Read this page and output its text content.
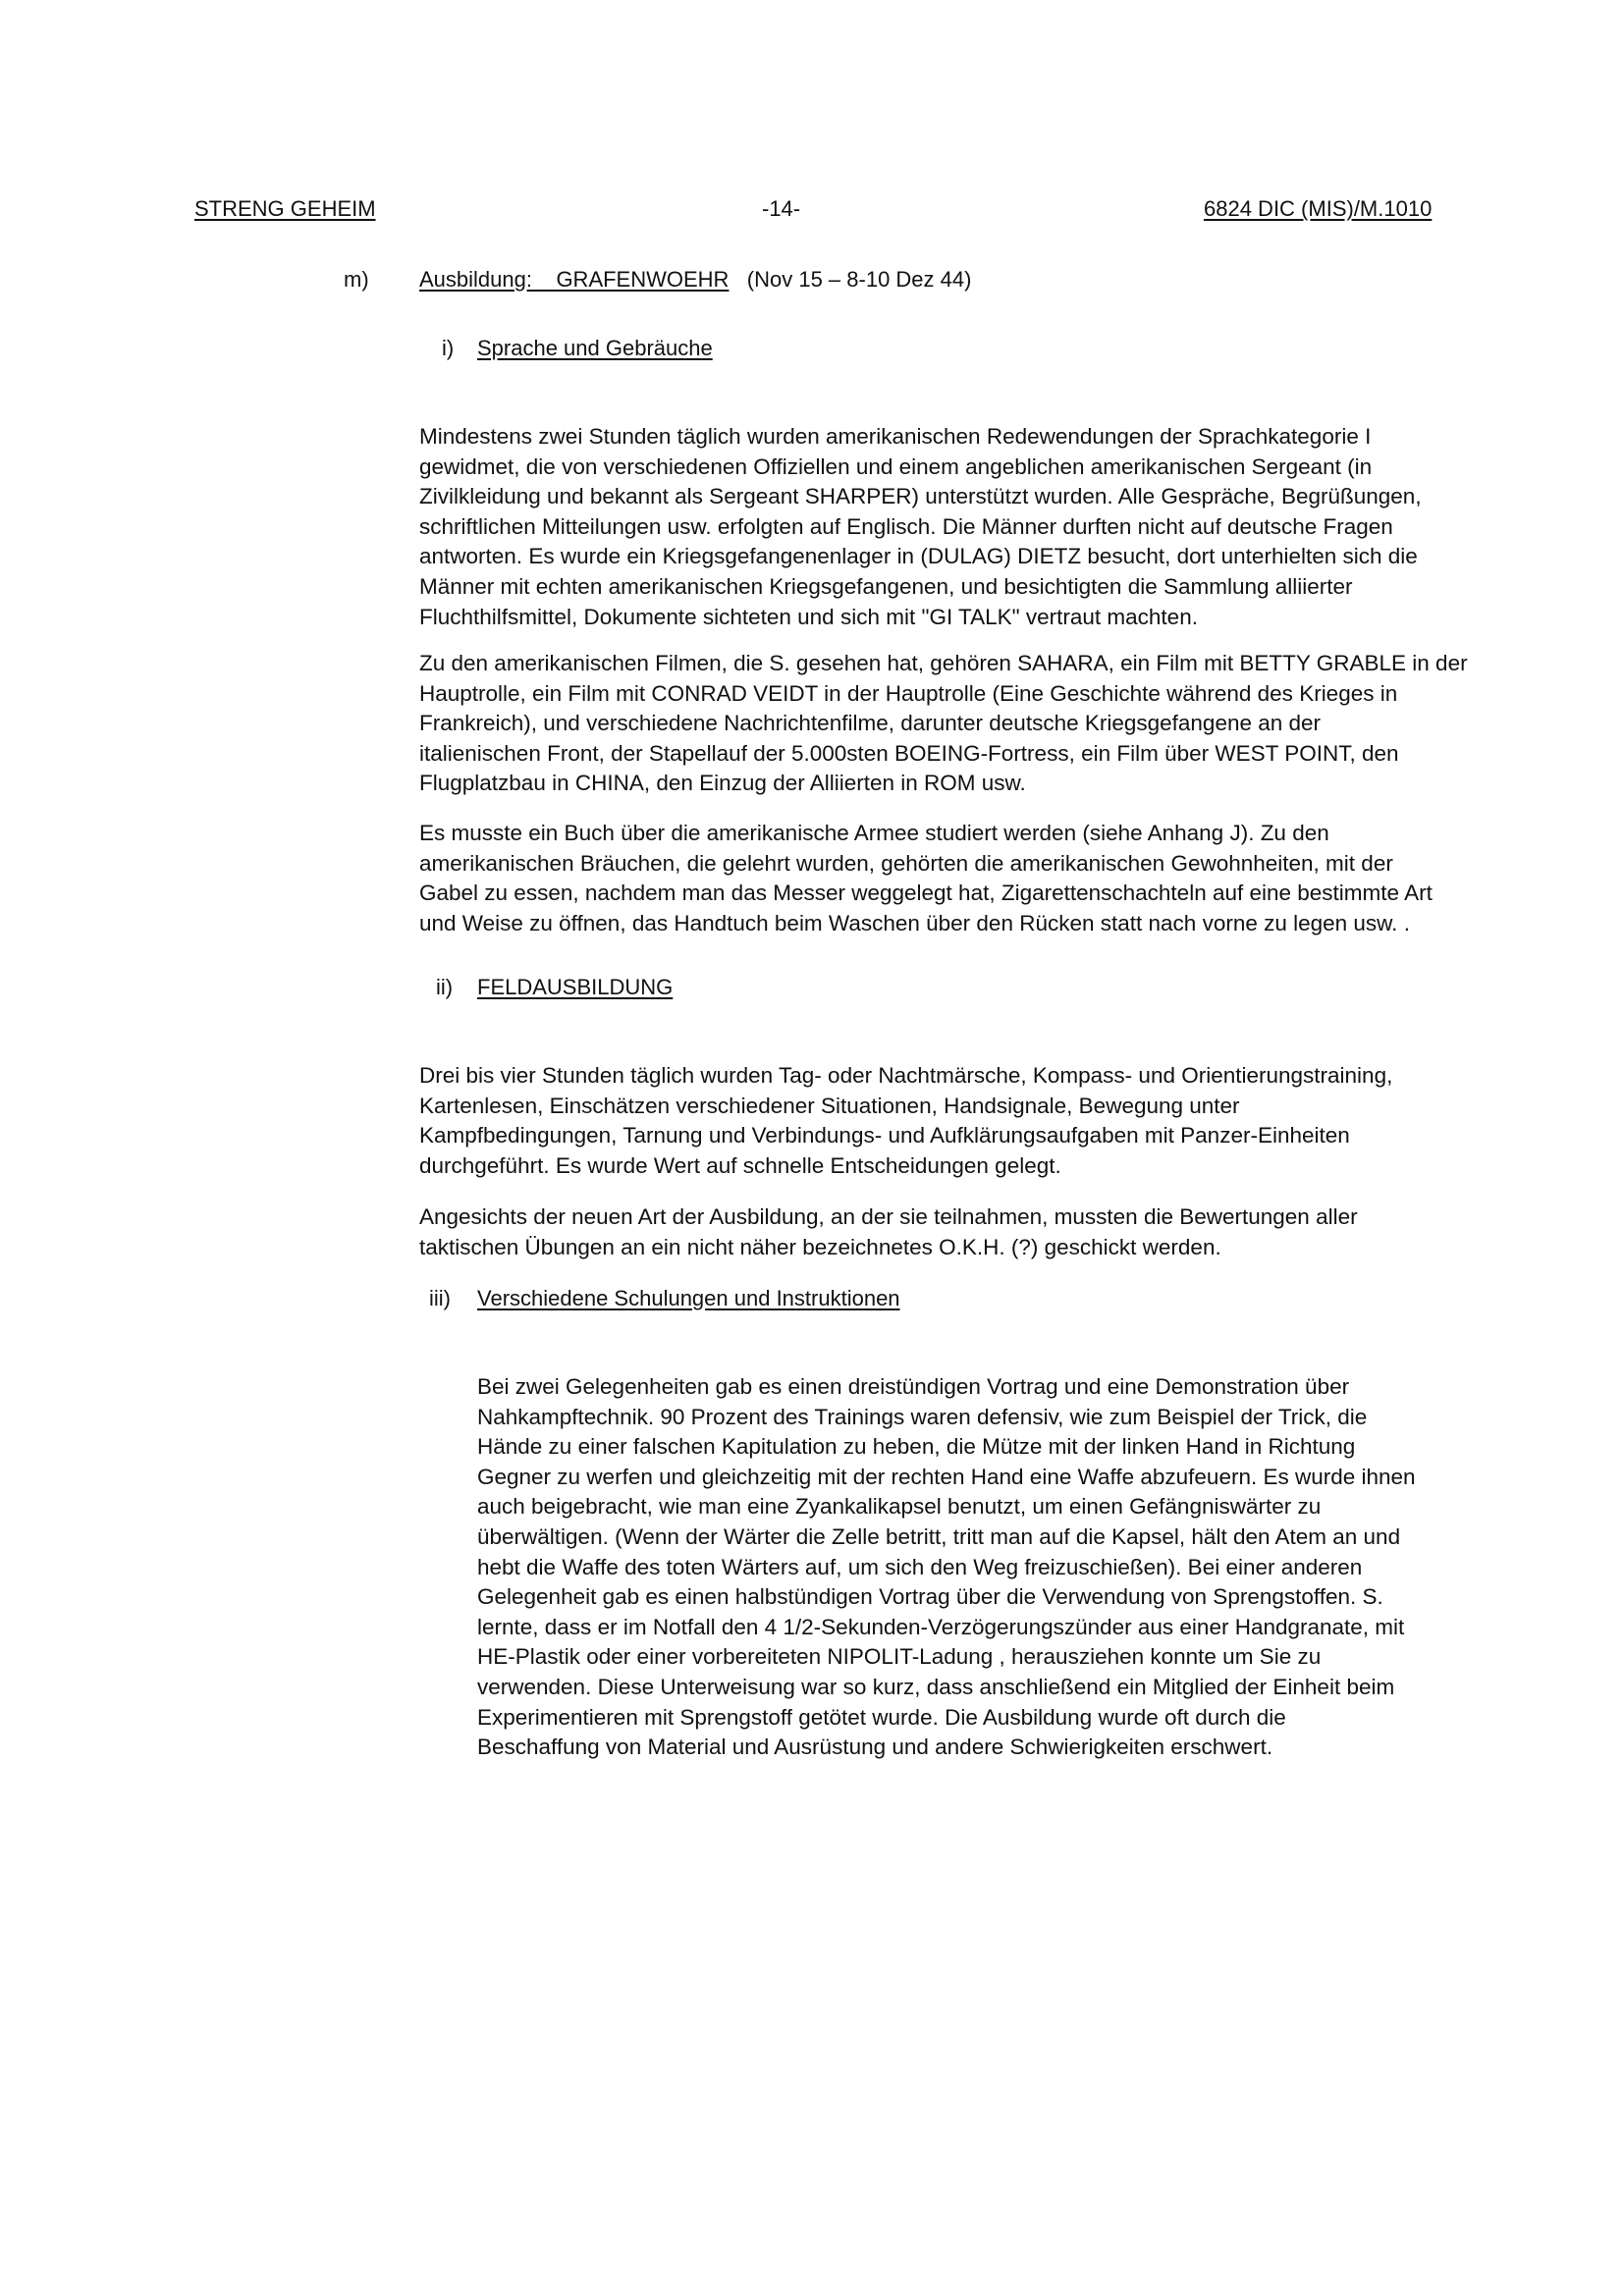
STRENG GEHEIM	-14-	6824 DIC (MIS)/M.1010
m) Ausbildung: GRAFENWOEHR (Nov 15 – 8-10 Dez 44)
i) Sprache und Gebräuche
Mindestens zwei Stunden täglich wurden amerikanischen Redewendungen der Sprachkategorie I
gewidmet, die von verschiedenen Offiziellen und einem angeblichen amerikanischen Sergeant (in
Zivilkleidung und bekannt als Sergeant SHARPER) unterstützt wurden. Alle Gespräche, Begrüßungen,
schriftlichen Mitteilungen usw. erfolgten auf Englisch. Die Männer durften nicht auf deutsche Fragen
antworten. Es wurde ein Kriegsgefangenenlager in (DULAG) DIETZ besucht, dort unterhielten sich die
Männer mit echten amerikanischen Kriegsgefangenen, und besichtigten die Sammlung alliierter
Fluchthilfsmittel, Dokumente sichteten und sich mit "GI TALK" vertraut machten.
Zu den amerikanischen Filmen, die S. gesehen hat, gehören SAHARA, ein Film mit BETTY GRABLE in der
Hauptrolle, ein Film mit CONRAD VEIDT in der Hauptrolle (Eine Geschichte während des Krieges in
Frankreich), und verschiedene Nachrichtenfilme, darunter deutsche Kriegsgefangene an der
italienischen Front, der Stapellauf der 5.000sten BOEING-Fortress, ein Film über WEST POINT, den
Flugplatzbau in CHINA, den Einzug der Alliierten in ROM usw.
Es musste ein Buch über die amerikanische Armee studiert werden (siehe Anhang J). Zu den
amerikanischen Bräuchen, die gelehrt wurden, gehörten die amerikanischen Gewohnheiten, mit der
Gabel zu essen, nachdem man das Messer weggelegt hat, Zigarettenschachteln auf eine bestimmte Art
und Weise zu öffnen, das Handtuch beim Waschen über den Rücken statt nach vorne zu legen usw. .
ii) FELDAUSBILDUNG
Drei bis vier Stunden täglich wurden Tag- oder Nachtmärsche, Kompass- und Orientierungstraining,
Kartenlesen, Einschätzen verschiedener Situationen, Handsignale, Bewegung unter
Kampfbedingungen, Tarnung und Verbindungs- und Aufklärungsaufgaben mit Panzer-Einheiten
durchgeführt. Es wurde Wert auf schnelle Entscheidungen gelegt.
Angesichts der neuen Art der Ausbildung, an der sie teilnahmen, mussten die Bewertungen aller
taktischen Übungen an ein nicht näher bezeichnetes O.K.H. (?) geschickt werden.
iii) Verschiedene Schulungen und Instruktionen
Bei zwei Gelegenheiten gab es einen dreistündigen Vortrag und eine Demonstration über
Nahkampftechnik. 90 Prozent des Trainings waren defensiv, wie zum Beispiel der Trick, die
Hände zu einer falschen Kapitulation zu heben, die Mütze mit der linken Hand in Richtung
Gegner zu werfen und gleichzeitig mit der rechten Hand eine Waffe abzufeuern. Es wurde ihnen
auch beigebracht, wie man eine Zyankalikapsel benutzt, um einen Gefängniswärter zu
überwältigen. (Wenn der Wärter die Zelle betritt, tritt man auf die Kapsel, hält den Atem an und
hebt die Waffe des toten Wärters auf, um sich den Weg freizuschießen). Bei einer anderen
Gelegenheit gab es einen halbstündigen Vortrag über die Verwendung von Sprengstoffen. S.
lernte, dass er im Notfall den 4 1/2-Sekunden-Verzögerungszünder aus einer Handgranate, mit
HE-Plastik oder einer vorbereiteten NIPOLIT-Ladung , herausziehen konnte um Sie zu
verwenden. Diese Unterweisung war so kurz, dass anschließend ein Mitglied der Einheit beim
Experimentieren mit Sprengstoff getötet wurde. Die Ausbildung wurde oft durch die
Beschaffung von Material und Ausrüstung und andere Schwierigkeiten erschwert.
